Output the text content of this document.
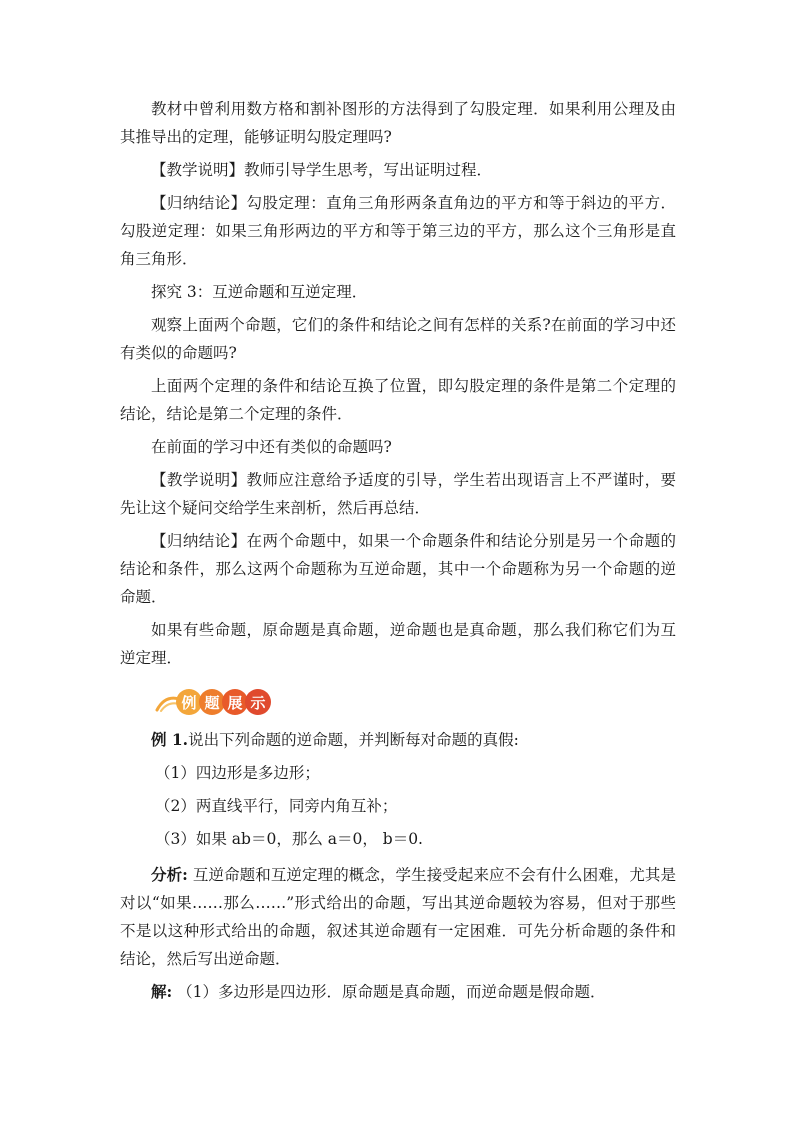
教材中曾利用数方格和割补图形的方法得到了勾股定理．如果利用公理及由其推导出的定理，能够证明勾股定理吗?

【教学说明】教师引导学生思考，写出证明过程．

【归纳结论】勾股定理：直角三角形两条直角边的平方和等于斜边的平方．勾股逆定理：如果三角形两边的平方和等于第三边的平方，那么这个三角形是直角三角形．

探究 3：互逆命题和互逆定理．

观察上面两个命题，它们的条件和结论之间有怎样的关系?在前面的学习中还有类似的命题吗?

上面两个定理的条件和结论互换了位置，即勾股定理的条件是第二个定理的结论，结论是第二个定理的条件．

在前面的学习中还有类似的命题吗?

【教学说明】教师应注意给予适度的引导，学生若出现语言上不严谨时，要先让这个疑问交给学生来剖析，然后再总结．

【归纳结论】在两个命题中，如果一个命题条件和结论分别是另一个命题的结论和条件，那么这两个命题称为互逆命题，其中一个命题称为另一个命题的逆命题．

如果有些命题，原命题是真命题，逆命题也是真命题，那么我们称它们为互逆定理．

例 题 展 示

例 1.说出下列命题的逆命题，并判断每对命题的真假:

（1）四边形是多边形；

（2）两直线平行，同旁内角互补；

（3）如果 ab＝0，那么 a＝0， b＝0.

分析: 互逆命题和互逆定理的概念，学生接受起来应不会有什么困难，尤其是对以“如果……那么……”形式给出的命题，写出其逆命题较为容易，但对于那些不是以这种形式给出的命题，叙述其逆命题有一定困难．可先分析命题的条件和结论，然后写出逆命题．

解: （1）多边形是四边形．原命题是真命题，而逆命题是假命题．
